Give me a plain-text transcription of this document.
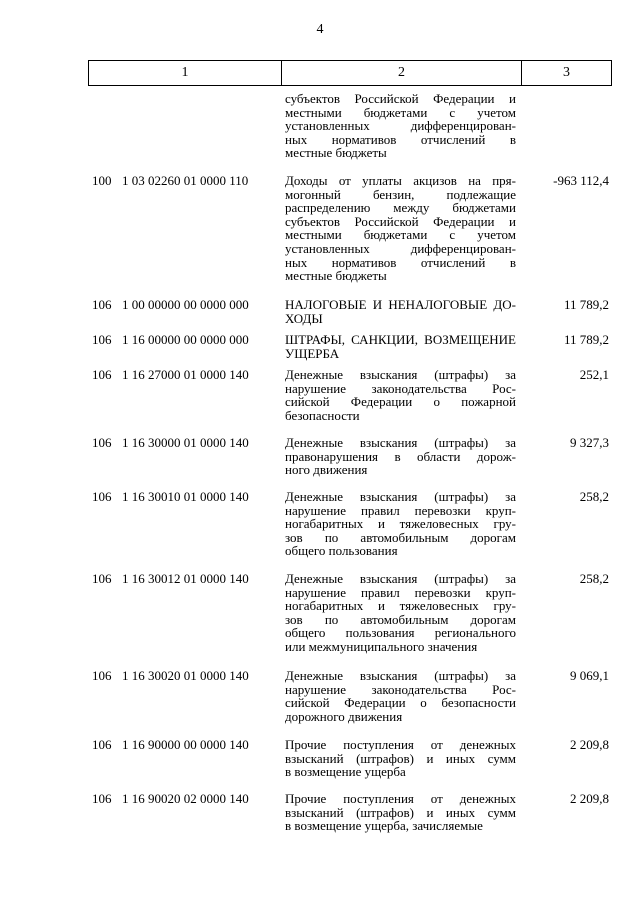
4
1	2	3
субъектов Российской Федерации и
местными бюджетами с учетом
установленных дифференцирован-
ных нормативов отчислений в
местные бюджеты
100 1 03 02260 01 0000 110	Доходы от уплаты акцизов на пря-
могонный бензин, подлежащие
распределению между бюджетами
субъектов Российской Федерации и
местными бюджетами с учетом
установленных дифференцирован-
ных нормативов отчислений в
местные бюджеты
-963 112,4
106 1 00 00000 00 0000 000	НАЛОГОВЫЕ И НЕНАЛОГОВЫЕ ДО-
ХОДЫ
11 789,2
106 1 16 00000 00 0000 000	ШТРАФЫ, САНКЦИИ, ВОЗМЕЩЕНИЕ
УЩЕРБА
11 789,2
106 1 16 27000 01 0000 140	Денежные взыскания (штрафы) за
нарушение законодательства Рос-
сийской Федерации о пожарной
безопасности
252,1
106 1 16 30000 01 0000 140	Денежные взыскания (штрафы) за
правонарушения в области дорож-
ного движения
9 327,3
106 1 16 30010 01 0000 140	Денежные взыскания (штрафы) за
нарушение правил перевозки круп-
ногабаритных и тяжеловесных гру-
зов по автомобильным дорогам
общего пользования
258,2
106 1 16 30012 01 0000 140	Денежные взыскания (штрафы) за
нарушение правил перевозки круп-
ногабаритных и тяжеловесных гру-
зов по автомобильным дорогам
общего пользования регионального
или межмуниципального значения
258,2
106 1 16 30020 01 0000 140	Денежные взыскания (штрафы) за
нарушение законодательства Рос-
сийской Федерации о безопасности
дорожного движения
9 069,1
106 1 16 90000 00 0000 140	Прочие поступления от денежных
взысканий (штрафов) и иных сумм
в возмещение ущерба
2 209,8
106 1 16 90020 02 0000 140	Прочие поступления от денежных
взысканий (штрафов) и иных сумм
в возмещение ущерба, зачисляемые
2 209,8
